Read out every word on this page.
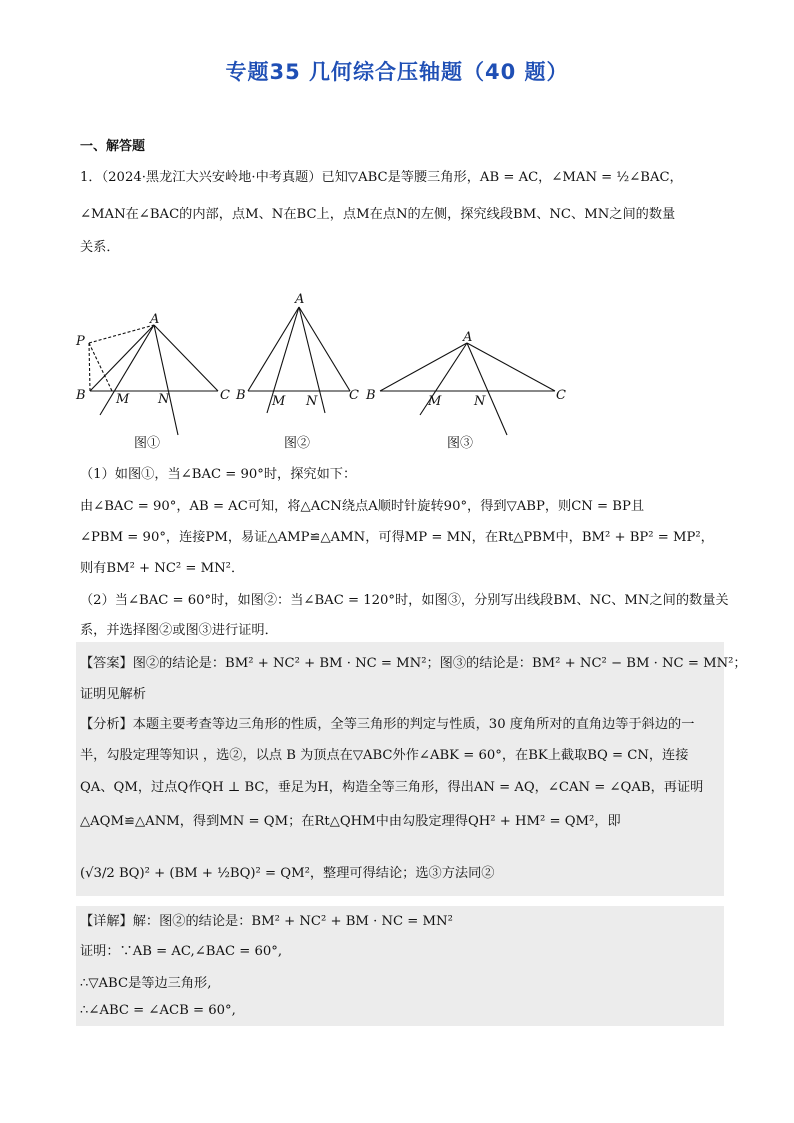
专题35 几何综合压轴题（40 题）
一、解答题
1．（2024·黑龙江大兴安岭地·中考真题）已知▽ABC是等腰三角形，AB = AC，∠MAN = ½∠BAC，
∠MAN在∠BAC的内部，点M、N在BC上，点M在点N的左侧，探究线段BM、NC、MN之间的数量
关系．
A
P
B M N	C
A
B M N C
A
B	M	N	C
图①	图②	图③
（1）如图①，当∠BAC = 90°时，探究如下：
由∠BAC = 90°，AB = AC可知，将△ACN绕点A顺时针旋转90°，得到▽ABP，则CN = BP且
∠PBM = 90°，连接PM，易证△AMP≌△AMN，可得MP = MN，在Rt△PBM中，BM² + BP² = MP²，
则有BM² + NC² = MN²．
（2）当∠BAC = 60°时，如图②：当∠BAC = 120°时，如图③，分别写出线段BM、NC、MN之间的数量关
系，并选择图②或图③进行证明．
【答案】图②的结论是：BM² + NC² + BM · NC = MN²；图③的结论是：BM² + NC² − BM · NC = MN²；
证明见解析
【分析】本题主要考查等边三角形的性质，全等三角形的判定与性质，30 度角所对的直角边等于斜边的一
半，勾股定理等知识 ，选②，以点 B 为顶点在▽ABC外作∠ABK = 60°，在BK上截取BQ = CN，连接
QA、QM，过点Q作QH ⊥ BC，垂足为H，构造全等三角形，得出AN = AQ，∠CAN = ∠QAB，再证明
△AQM≌△ANM，得到MN = QM；在Rt△QHM中由勾股定理得QH² + HM² = QM²，即
(√3/2 BQ)² + (BM + ½BQ)² = QM²，整理可得结论；选③方法同②
【详解】解：图②的结论是：BM² + NC² + BM · NC = MN²
证明：∵AB = AC,∠BAC = 60°,
∴▽ABC是等边三角形,
∴∠ABC = ∠ACB = 60°,
